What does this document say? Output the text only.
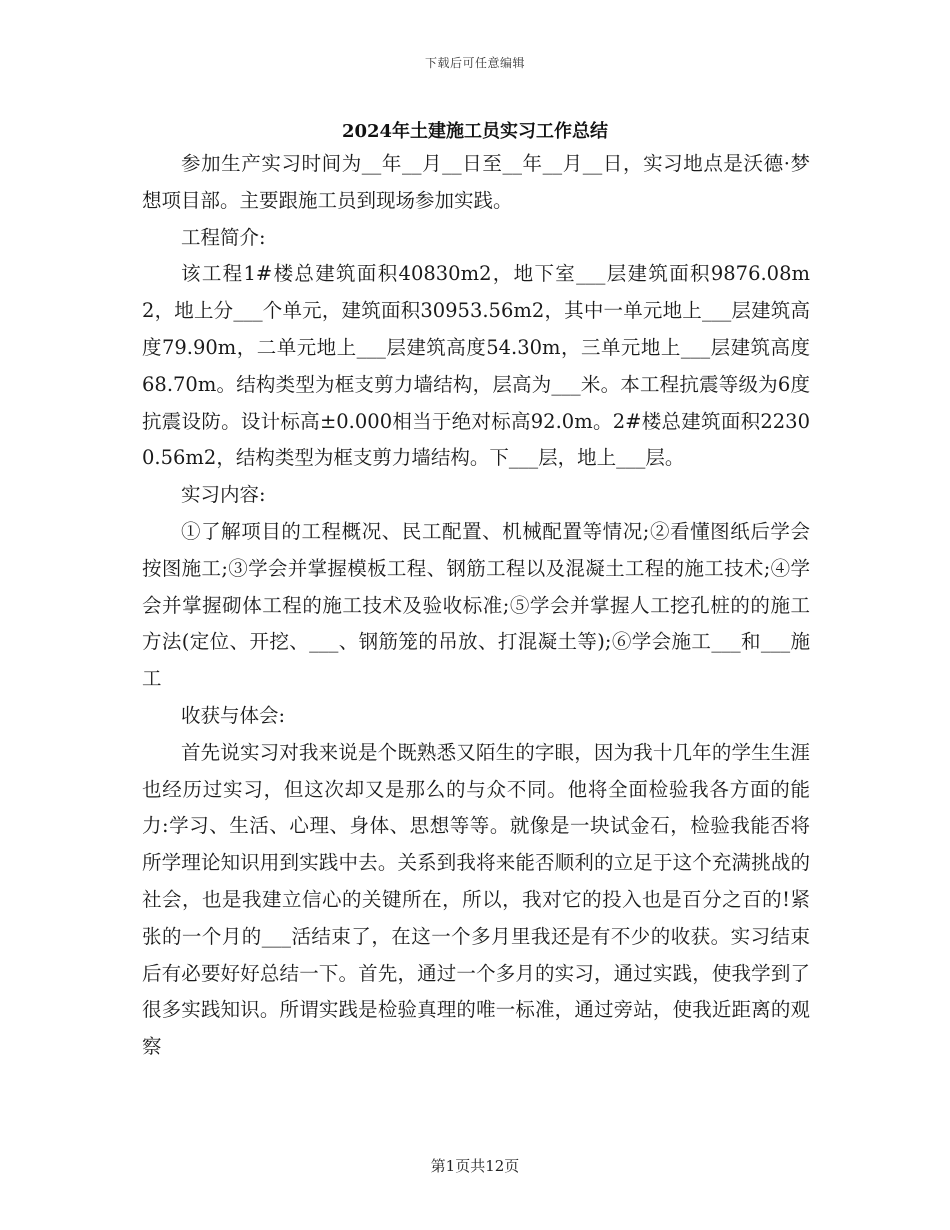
下载后可任意编辑
2024年土建施工员实习工作总结

参加生产实习时间为__年__月__日至__年__月__日，实习地点是沃德·梦想项目部。主要跟施工员到现场参加实践。

工程简介:

该工程1#楼总建筑面积40830m2，地下室___层建筑面积9876.08m2，地上分___个单元，建筑面积30953.56m2，其中一单元地上___层建筑高度79.90m，二单元地上___层建筑高度54.30m，三单元地上___层建筑高度68.70m。结构类型为框支剪力墙结构，层高为___米。本工程抗震等级为6度抗震设防。设计标高±0.000相当于绝对标高92.0m。2#楼总建筑面积22300.56m2，结构类型为框支剪力墙结构。下___层，地上___层。

实习内容:

①了解项目的工程概况、民工配置、机械配置等情况;②看懂图纸后学会按图施工;③学会并掌握模板工程、钢筋工程以及混凝土工程的施工技术;④学会并掌握砌体工程的施工技术及验收标准;⑤学会并掌握人工挖孔桩的的施工方法(定位、开挖、___、钢筋笼的吊放、打混凝土等);⑥学会施工___和___施工

收获与体会:

首先说实习对我来说是个既熟悉又陌生的字眼，因为我十几年的学生生涯也经历过实习，但这次却又是那么的与众不同。他将全面检验我各方面的能力:学习、生活、心理、身体、思想等等。就像是一块试金石，检验我能否将所学理论知识用到实践中去。关系到我将来能否顺利的立足于这个充满挑战的社会，也是我建立信心的关键所在，所以，我对它的投入也是百分之百的!紧张的一个月的___活结束了，在这一个多月里我还是有不少的收获。实习结束后有必要好好总结一下。首先，通过一个多月的实习，通过实践，使我学到了很多实践知识。所谓实践是检验真理的唯一标准，通过旁站，使我近距离的观察

第1页共12页
